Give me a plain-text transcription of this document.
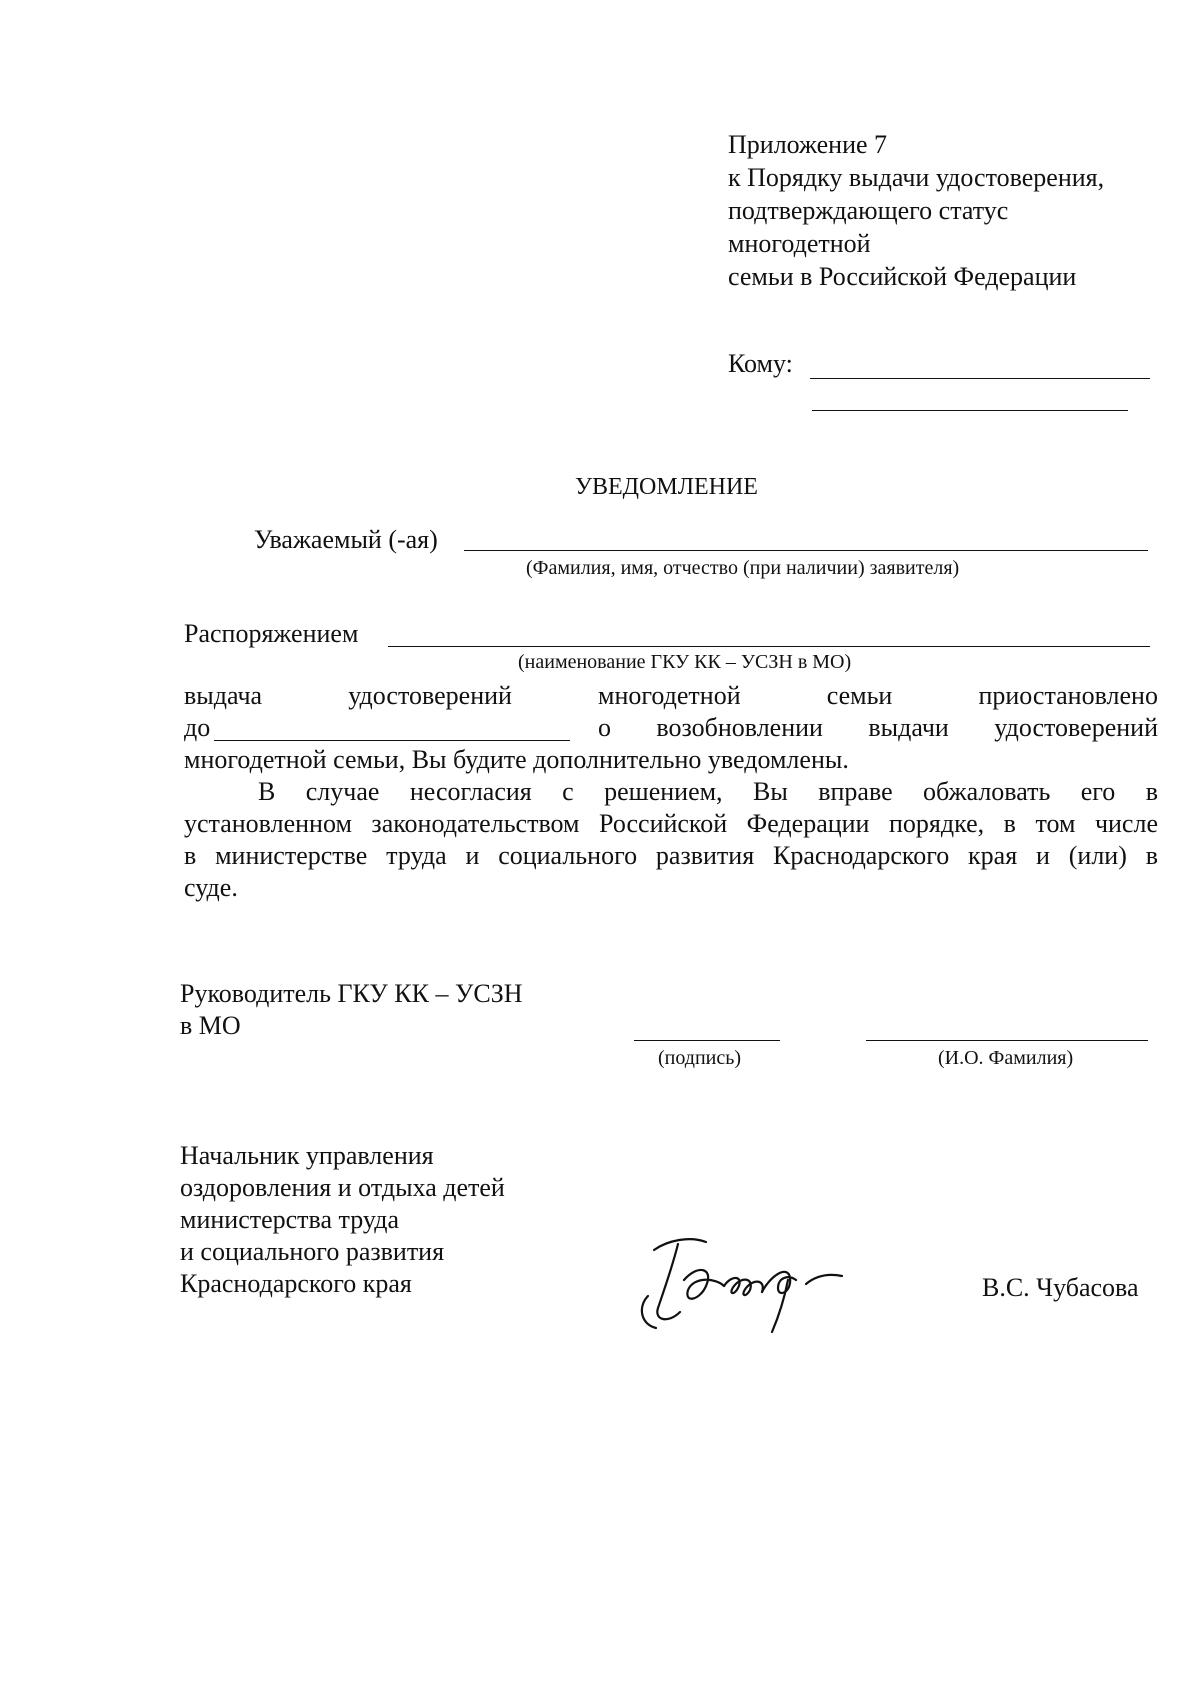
Приложение 7
к Порядку выдачи удостоверения,
подтверждающего статус
многодетной
семьи в Российской Федерации
Кому:
УВЕДОМЛЕНИЕ
Уважаемый (-ая)
(Фамилия, имя, отчество (при наличии) заявителя)
Распоряжением
(наименование ГКУ КК – УСЗН в МО)
выдача	удостоверений	многодетной	семьи	приостановлено
до	о возобновлении выдачи удостоверений
многодетной семьи, Вы будите дополнительно уведомлены.
В случае несогласия с решением, Вы вправе обжаловать его в
установленном законодательством Российской Федерации порядке, в том числе
в министерстве труда и социального развития Краснодарского края и (или) в
суде.
Руководитель ГКУ КК – УСЗН
в МО
(подпись)	(И.О. Фамилия)
Начальник управления
оздоровления и отдыха детей
министерства труда
и социального развития
Краснодарского края	В.С. Чубасова
